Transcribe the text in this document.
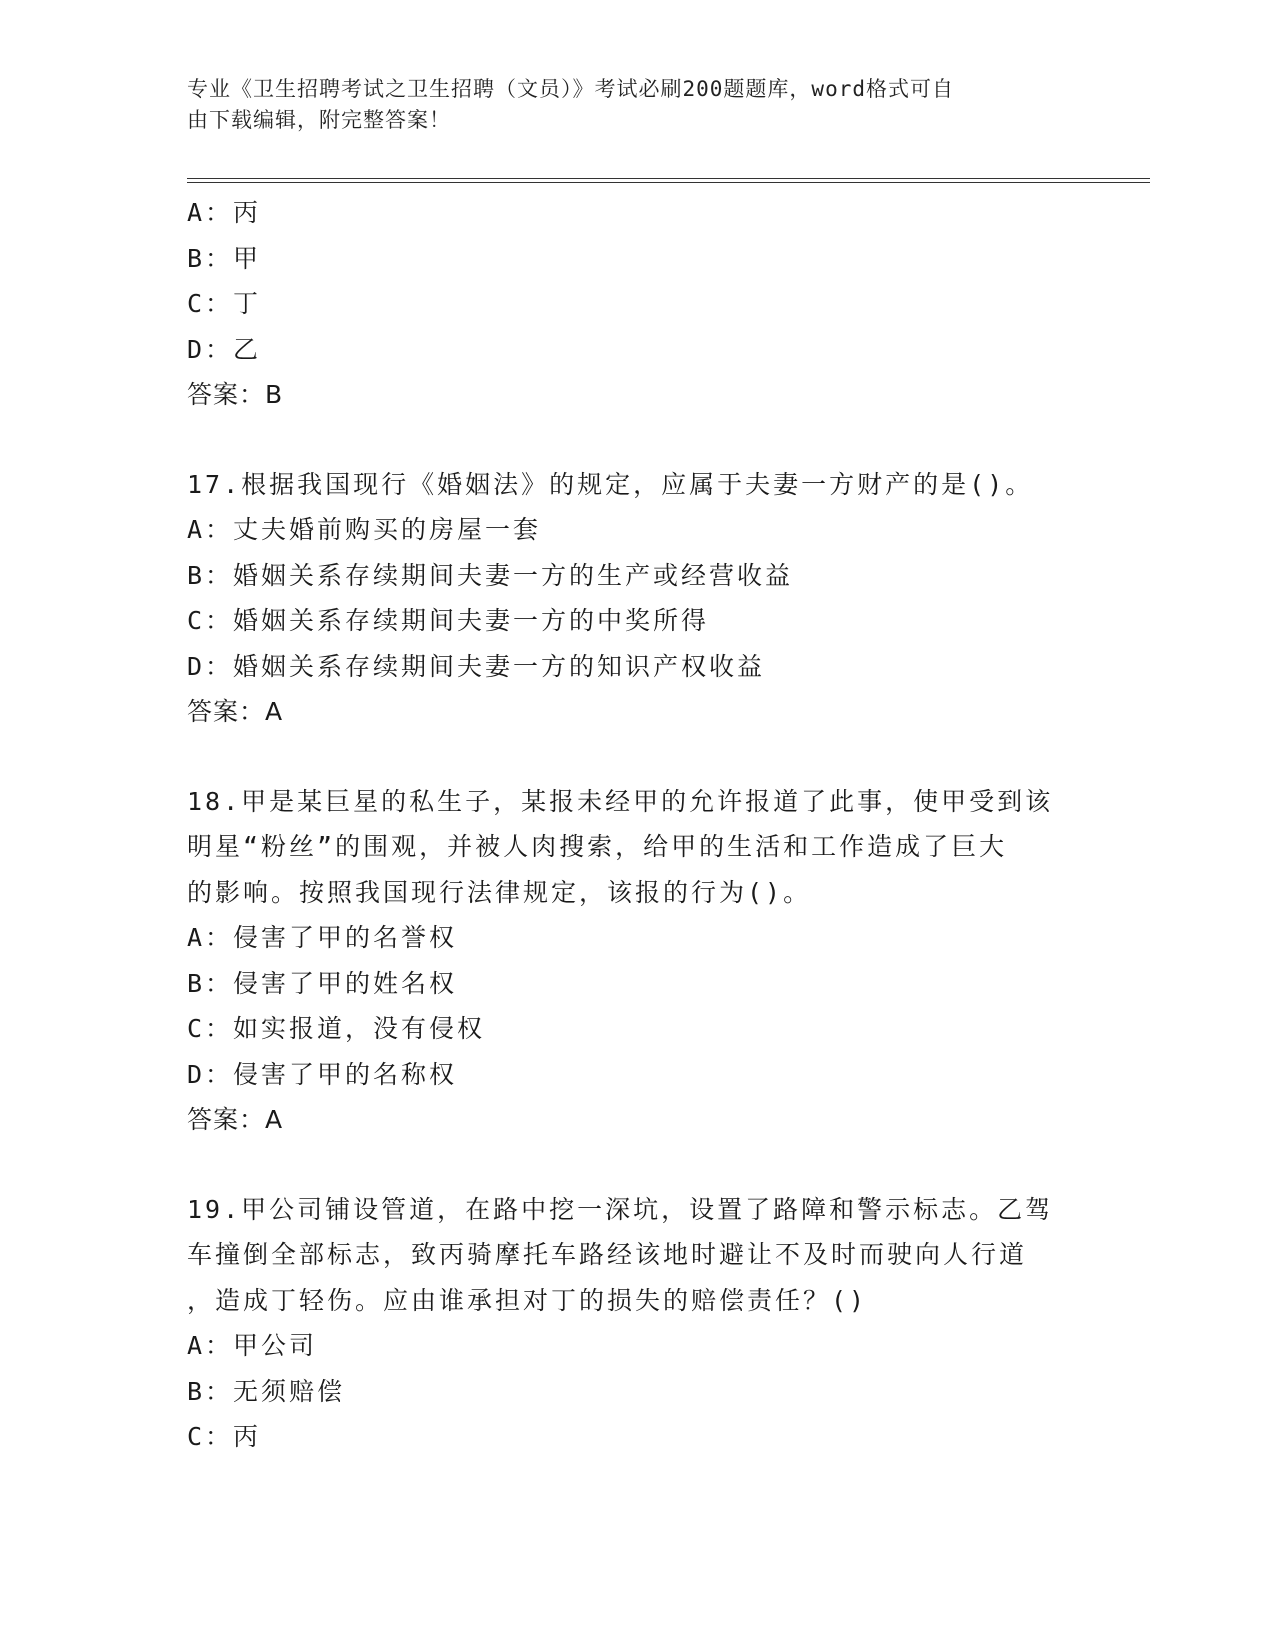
专业《卫生招聘考试之卫生招聘（文员）》考试必刷200题题库，word格式可自
由下载编辑，附完整答案！
A：丙
B：甲
C：丁
D：乙
答案：B
17.根据我国现行《婚姻法》的规定，应属于夫妻一方财产的是()。
A：丈夫婚前购买的房屋一套
B：婚姻关系存续期间夫妻一方的生产或经营收益
C：婚姻关系存续期间夫妻一方的中奖所得
D：婚姻关系存续期间夫妻一方的知识产权收益
答案：A
18.甲是某巨星的私生子，某报未经甲的允许报道了此事，使甲受到该
明星“粉丝”的围观，并被人肉搜索，给甲的生活和工作造成了巨大
的影响。按照我国现行法律规定，该报的行为()。
A：侵害了甲的名誉权
B：侵害了甲的姓名权
C：如实报道，没有侵权
D：侵害了甲的名称权
答案：A
19.甲公司铺设管道，在路中挖一深坑，设置了路障和警示标志。乙驾
车撞倒全部标志，致丙骑摩托车路经该地时避让不及时而驶向人行道
，造成丁轻伤。应由谁承担对丁的损失的赔偿责任？()
A：甲公司
B：无须赔偿
C：丙
